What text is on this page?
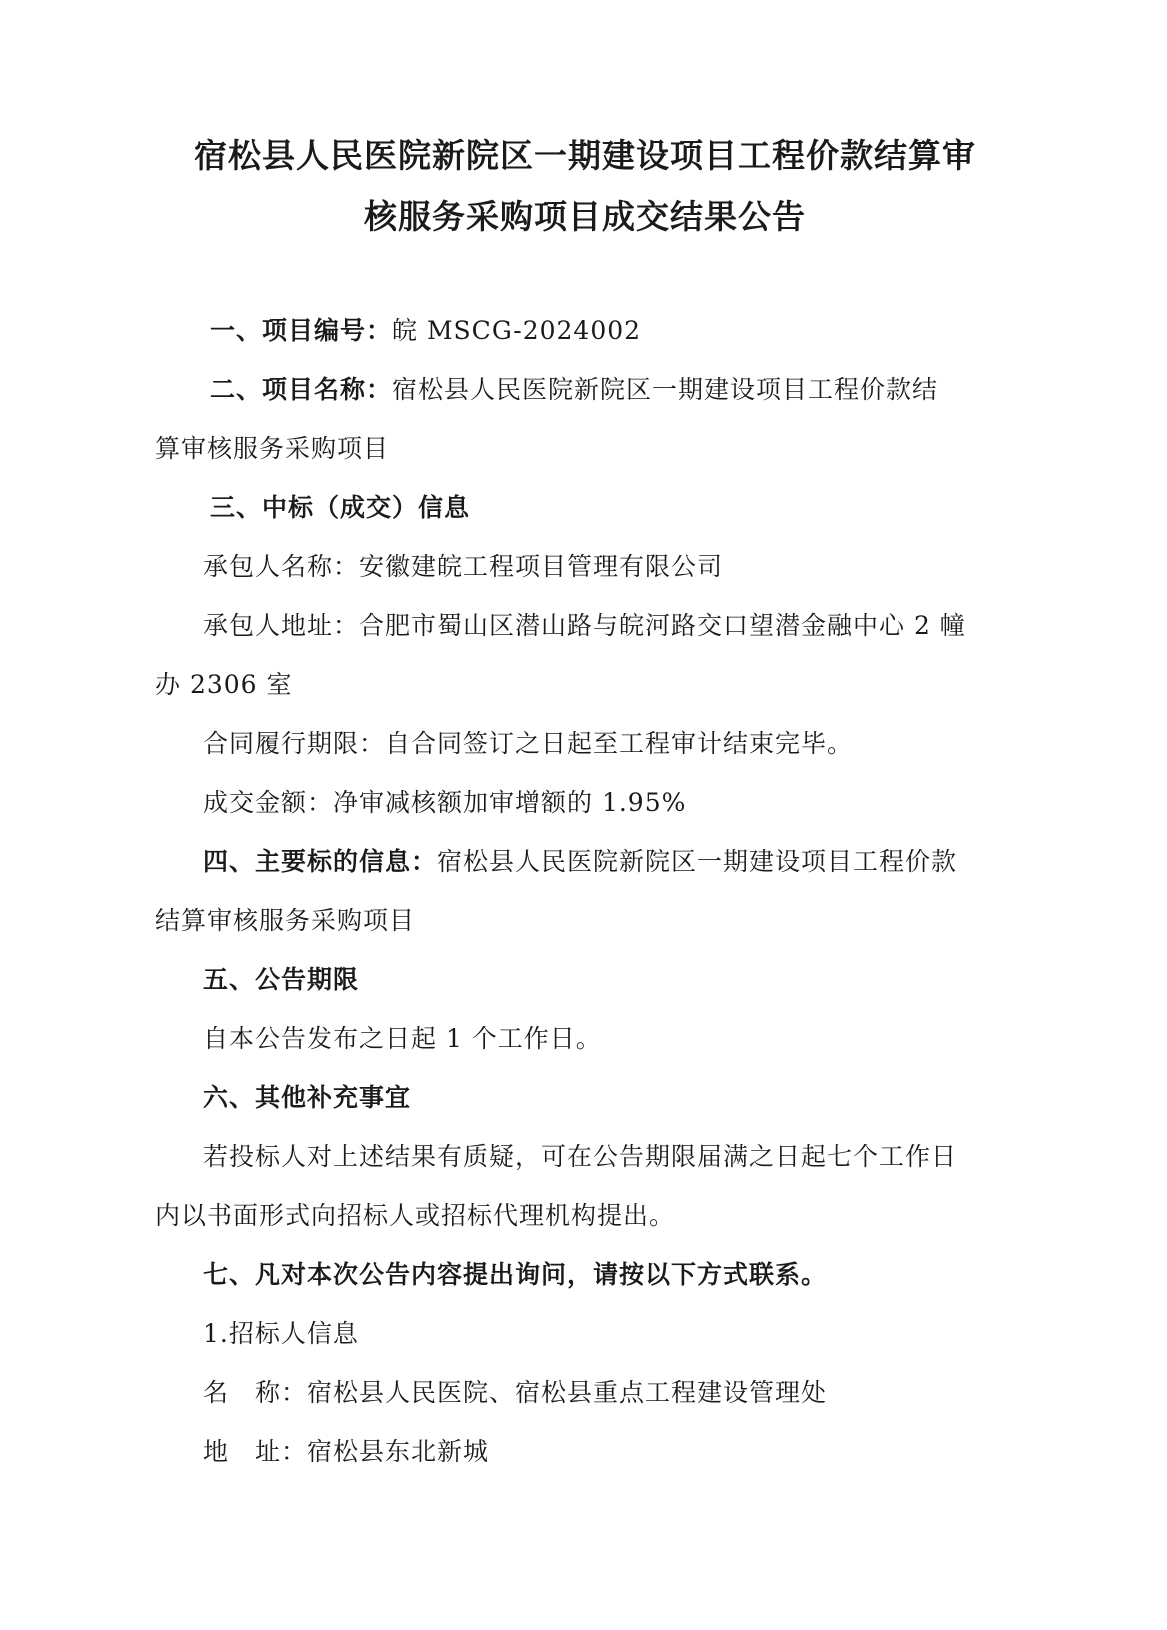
宿松县人民医院新院区一期建设项目工程价款结算审
核服务采购项目成交结果公告
一、项目编号：皖 MSCG-2024002
二、项目名称：宿松县人民医院新院区一期建设项目工程价款结
算审核服务采购项目
三、中标（成交）信息
承包人名称：安徽建皖工程项目管理有限公司
承包人地址：合肥市蜀山区潜山路与皖河路交口望潜金融中心 2 幢
办 2306 室
合同履行期限：自合同签订之日起至工程审计结束完毕。
成交金额：净审减核额加审增额的 1.95%
四、主要标的信息：宿松县人民医院新院区一期建设项目工程价款
结算审核服务采购项目
五、公告期限
自本公告发布之日起 1 个工作日。
六、其他补充事宜
若投标人对上述结果有质疑，可在公告期限届满之日起七个工作日
内以书面形式向招标人或招标代理机构提出。
七、凡对本次公告内容提出询问，请按以下方式联系。
1.招标人信息
名　称：宿松县人民医院、宿松县重点工程建设管理处
地　址：宿松县东北新城
